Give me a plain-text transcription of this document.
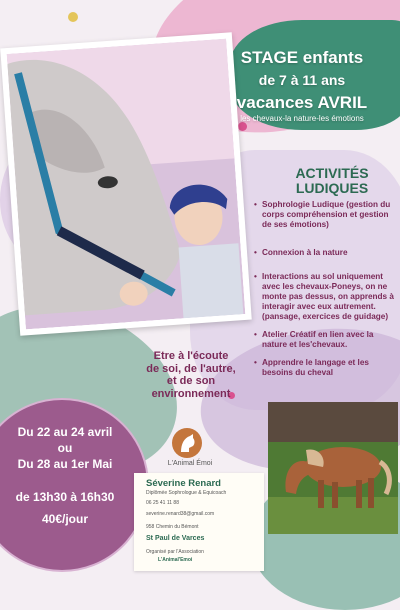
STAGE enfants
de 7 à 11 ans
vacances AVRIL
les chevaux-la nature-les émotions
ACTIVITÉS
LUDIQUES
• Sophrologie Ludique (gestion du corps compréhension et gestion de ses émotions)
• Connexion à la nature
• Interactions au sol uniquement avec les chevaux-Poneys, on ne monte pas dessus, on apprends à interagir avec eux autrement. (pansage, exercices de guidage)
• Atelier Créatif en lien avec la nature et les'chevaux.
• Apprendre le langage et les besoins du cheval
Etre à l'écoute
de soi, de l'autre,
et de son
environnement
Du 22 au 24 avril
ou
Du 28 au 1er Mai
de 13h30 à 16h30
40€/jour
L'Animal Émoi
Séverine Renard
Diplômée Sophrologue & Equicoach
06 25 41 11 88
severine.renard38@gmail.com
958 Chemin du Bémont
St Paul de Varces
Organisé par l'Association
L'Animal'Emoi
